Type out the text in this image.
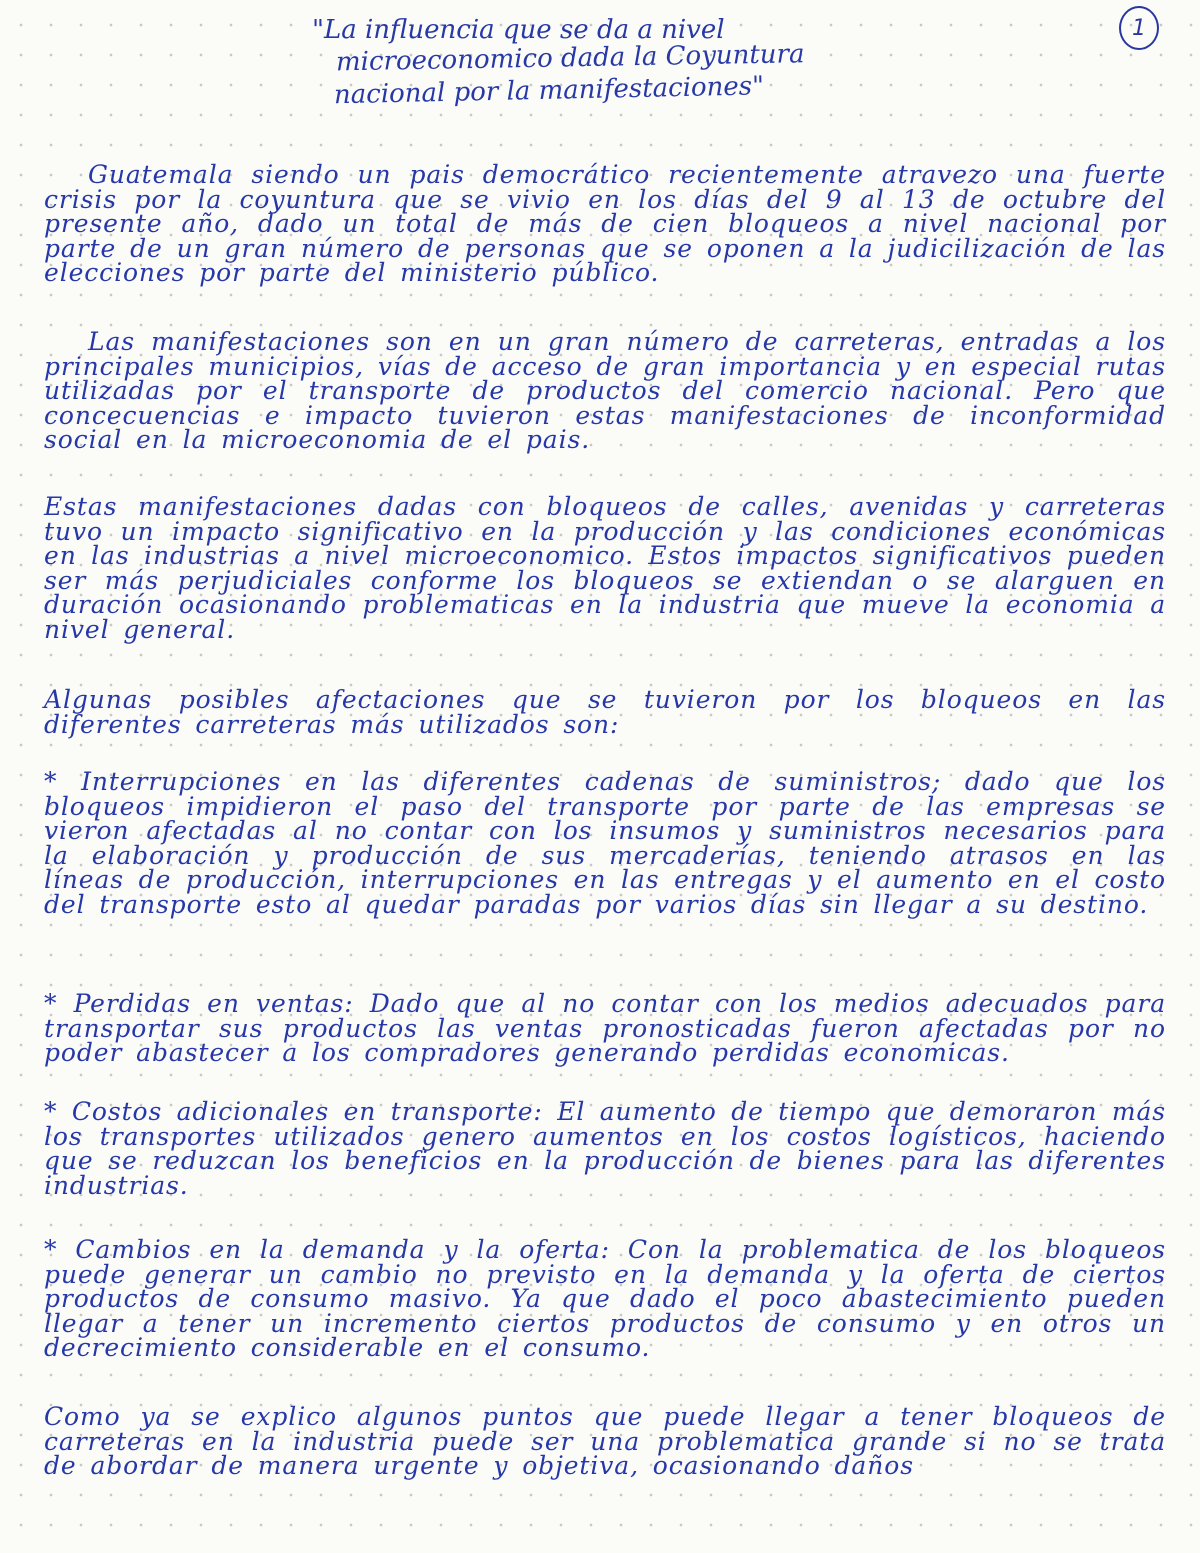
1
"La influencia que se da a nivel
microeconomico dada la Coyuntura
nacional por la manifestaciones"

Guatemala siendo un pais democrático recientemente atravezo una fuerte crisis por la coyuntura que se vivio en los días del 9 al 13 de octubre del presente año, dado un total de más de cien bloqueos a nivel nacional por parte de un gran número de personas que se oponen a la judicilización de las elecciones por parte del ministerio público.

Las manifestaciones son en un gran número de carreteras, entradas a los principales municipios, vías de acceso de gran importancia y en especial rutas utilizadas por el transporte de productos del comercio nacional. Pero que concecuencias e impacto tuvieron estas manifestaciones de inconformidad social en la microeconomia de el pais.

Estas manifestaciones dadas con bloqueos de calles, avenidas y carreteras tuvo un impacto significativo en la producción y las condiciones económicas en las industrias a nivel microeconomico. Estos impactos significativos pueden ser más perjudiciales conforme los bloqueos se extiendan o se alarguen en duración ocasionando problematicas en la industria que mueve la economia a nivel general.

Algunas posibles afectaciones que se tuvieron por los bloqueos en las diferentes carreteras más utilizados son:

* Interrupciones en las diferentes cadenas de suministros; dado que los bloqueos impidieron el paso del transporte por parte de las empresas se vieron afectadas al no contar con los insumos y suministros necesarios para la elaboración y producción de sus mercaderías, teniendo atrasos en las líneas de producción, interrupciones en las entregas y el aumento en el costo del transporte esto al quedar paradas por varios días sin llegar a su destino.

* Perdidas en ventas: Dado que al no contar con los medios adecuados para transportar sus productos las ventas pronosticadas fueron afectadas por no poder abastecer a los compradores generando perdidas economicas.

* Costos adicionales en transporte: El aumento de tiempo que demoraron más los transportes utilizados genero aumentos en los costos logísticos, haciendo que se reduzcan los beneficios en la producción de bienes para las diferentes industrias.

* Cambios en la demanda y la oferta: Con la problematica de los bloqueos puede generar un cambio no previsto en la demanda y la oferta de ciertos productos de consumo masivo. Ya que dado el poco abastecimiento pueden llegar a tener un incremento ciertos productos de consumo y en otros un decrecimiento considerable en el consumo.

Como ya se explico algunos puntos que puede llegar a tener bloqueos de carreteras en la industria puede ser una problematica grande si no se trata de abordar de manera urgente y objetiva, ocasionando daños
